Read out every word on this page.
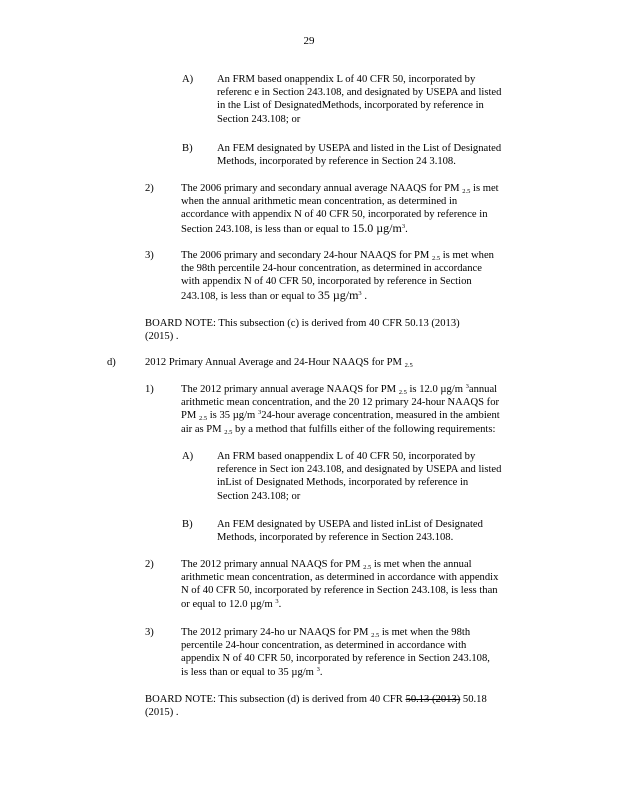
29
A) An FRM based onappendix L of 40 CFR 50, incorporated by
referenc e in Section 243.108, and designated by USEPA and listed
in the List of DesignatedMethods, incorporated by reference in
Section 243.108; or
B) An FEM designated by USEPA and listed in the List of Designated
Methods, incorporated by reference in Section 24 3.108.
2)	The 2006 primary and secondary annual average NAAQS for PM $_{2.5}$ is met
when the annual arithmetic mean concentration, as determined in
accordance with appendix N of 40 CFR 50, incorporated by reference in
Section 243.108, is less than or equal to 15.0 $\mu g/m^3$.
3)	The 2006 primary and secondary 24-hour NAAQS for PM $_{2.5}$ is met when
the 98th percentile 24-hour concentration, as determined in accordance
with appendix N of 40 CFR 50, incorporated by reference in Section
243.108, is less than or equal to 35 $\mu g/m^3$ .
BOARD NOTE: This subsection (c) is derived from 40 CFR 50.13 (2013)
(2015) .
d)	2012 Primary Annual Average and 24-Hour NAAQS for PM $_{2.5}$
1)	The 2012 primary annual average NAAQS for PM $_{2.5}$ is 12.0 µg/m $^3$annual
arithmetic mean concentration, and the 20 12 primary 24-hour NAAQS for
PM $_{2.5}$ is 35 µg/m $^3$24-hour average concentration, measured in the ambient
air as PM $_{2.5}$ by a method that fulfills either of the following requirements:
A) An FRM based onappendix L of 40 CFR 50, incorporated by
reference in Sect ion 243.108, and designated by USEPA and listed
inList of Designated Methods, incorporated by reference in
Section 243.108; or
B) An FEM designated by USEPA and listed inList of Designated
Methods, incorporated by reference in Section 243.108.
2)	The 2012 primary annual NAAQS for PM $_{2.5}$ is met when the annual
arithmetic mean concentration, as determined in accordance with appendix
N of 40 CFR 50, incorporated by reference in Section 243.108, is less than
or equal to 12.0 µg/m $^3$.
3)	The 2012 primary 24-ho ur NAAQS for PM $_{2.5}$ is met when the 98th
percentile 24-hour concentration, as determined in accordance with
appendix N of 40 CFR 50, incorporated by reference in Section 243.108,
is less than or equal to 35 µg/m $^3$.
BOARD NOTE: This subsection (d) is derived from 40 CFR 50.13 (2013) 50.18
(2015) .
